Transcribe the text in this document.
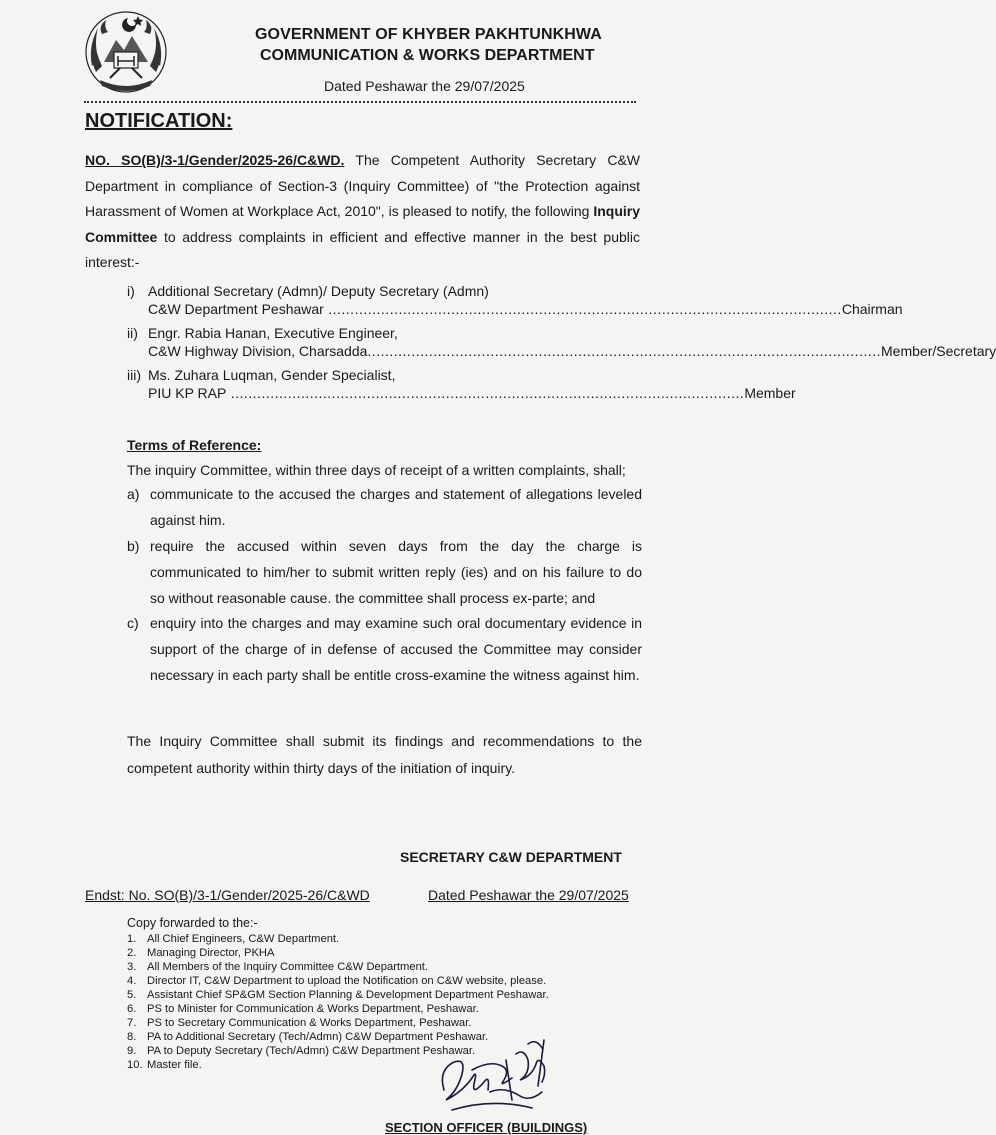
GOVERNMENT OF KHYBER PAKHTUNKHWA
COMMUNICATION & WORKS DEPARTMENT
Dated Peshawar the 29/07/2025
NOTIFICATION:
NO. SO(B)/3-1/Gender/2025-26/C&WD. The Competent Authority Secretary C&W Department in compliance of Section-3 (Inquiry Committee) of "the Protection against Harassment of Women at Workplace Act, 2010", is pleased to notify, the following Inquiry Committee to address complaints in efficient and effective manner in the best public interest:-
i) Additional Secretary (Admn)/ Deputy Secretary (Admn)
C&W Department Peshawar ..................................................................................................................... Chairman
ii) Engr. Rabia Hanan, Executive Engineer,
C&W Highway Division, Charsadda ..................................................................................................................... Member/Secretary
iii) Ms. Zuhara Luqman, Gender Specialist,
PIU KP RAP ..................................................................................................................... Member
Terms of Reference:
The inquiry Committee, within three days of receipt of a written complaints, shall;
a) communicate to the accused the charges and statement of allegations leveled against him.
b) require the accused within seven days from the day the charge is communicated to him/her to submit written reply (ies) and on his failure to do so without reasonable cause. the committee shall process ex-parte; and
c) enquiry into the charges and may examine such oral documentary evidence in support of the charge of in defense of accused the Committee may consider necessary in each party shall be entitle cross-examine the witness against him.
The Inquiry Committee shall submit its findings and recommendations to the competent authority within thirty days of the initiation of inquiry.
SECRETARY C&W DEPARTMENT
Endst: No. SO(B)/3-1/Gender/2025-26/C&WD	Dated Peshawar the 29/07/2025
Copy forwarded to the:-
1. All Chief Engineers, C&W Department.
2. Managing Director, PKHA
3. All Members of the Inquiry Committee C&W Department.
4. Director IT, C&W Department to upload the Notification on C&W website, please.
5. Assistant Chief SP&GM Section Planning & Development Department Peshawar.
6. PS to Minister for Communication & Works Department, Peshawar.
7. PS to Secretary Communication & Works Department, Peshawar.
8. PA to Additional Secretary (Tech/Admn) C&W Department Peshawar.
9. PA to Deputy Secretary (Tech/Admn) C&W Department Peshawar.
10. Master file.
SECTION OFFICER (BUILDINGS)
